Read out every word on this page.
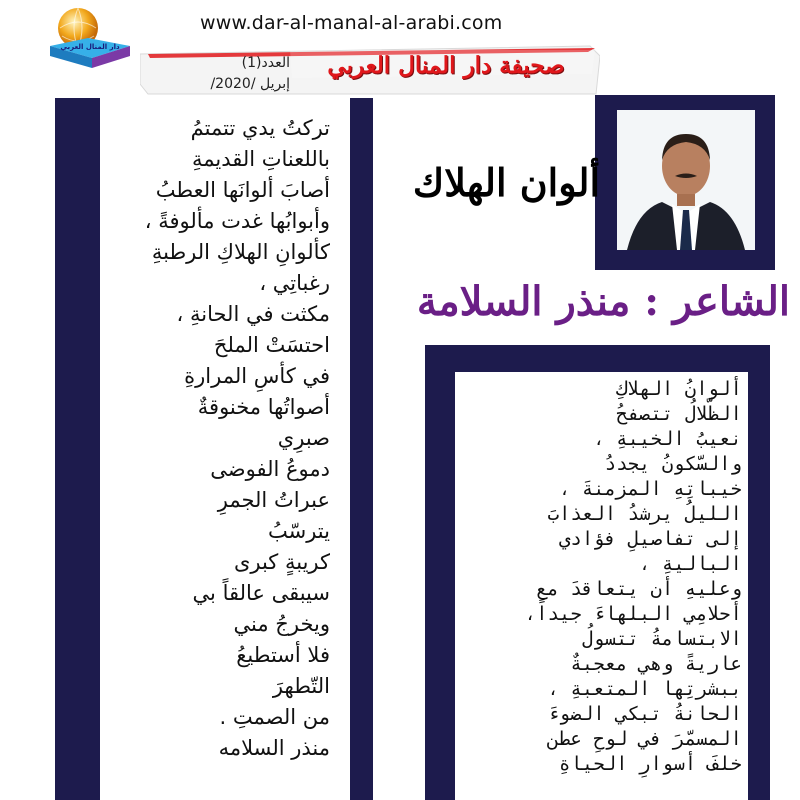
www.dar-al-manal-al-arabi.com
دار المنال العربي
صحيفة دار المنال العربي
العدد(1)
إبريل /2020/
تركتُ يدي تتمتمُ
باللعناتِ القديمةِ
أصابَ ألوانَها العطبُ
وأبوابُها غدت مألوفةً ،
كألوانِ الهلاكِ الرطبةِ
رغباتِي ،
مكثت في الحانةِ ،
احتسَتْ الملحَ
في كأسِ المرارةِ
أصواتُها مخنوقةٌ
صبرِي
دموعُ الفوضى
عبراتُ الجمرِ
يترسّبُ
كريبةٍ كبرى
سيبقى عالقاً بي
ويخرجُ مني
فلا أستطيعُ
التّطهرَ
من الصمتِ .
منذر السلامه
ألوان الهلاك
الشاعر : منذر السلامة
ألوانُ الهلاكِ
الظّلالُ تتصفحُ
نعيبُ الخيبةِ ،
والسّكونُ يجددُ
خيباتِهِ المزمنةَ ،
الليلُ يرشدُ العذابَ
إلى تفاصيلِ فؤادي
الباليةِ ،
وعليهِ أن يتعاقدَ مع
أحلامِي البلهاءَ جيداً،
الابتسامةُ تتسولُ
عاريةً وهي معجبةٌ
ببشرتِها المتعبةِ ،
الحانةُ تبكي الضوءَ
المسمّرَ في لوحِ عطن
خلفَ أسوارِ الحياةِ
